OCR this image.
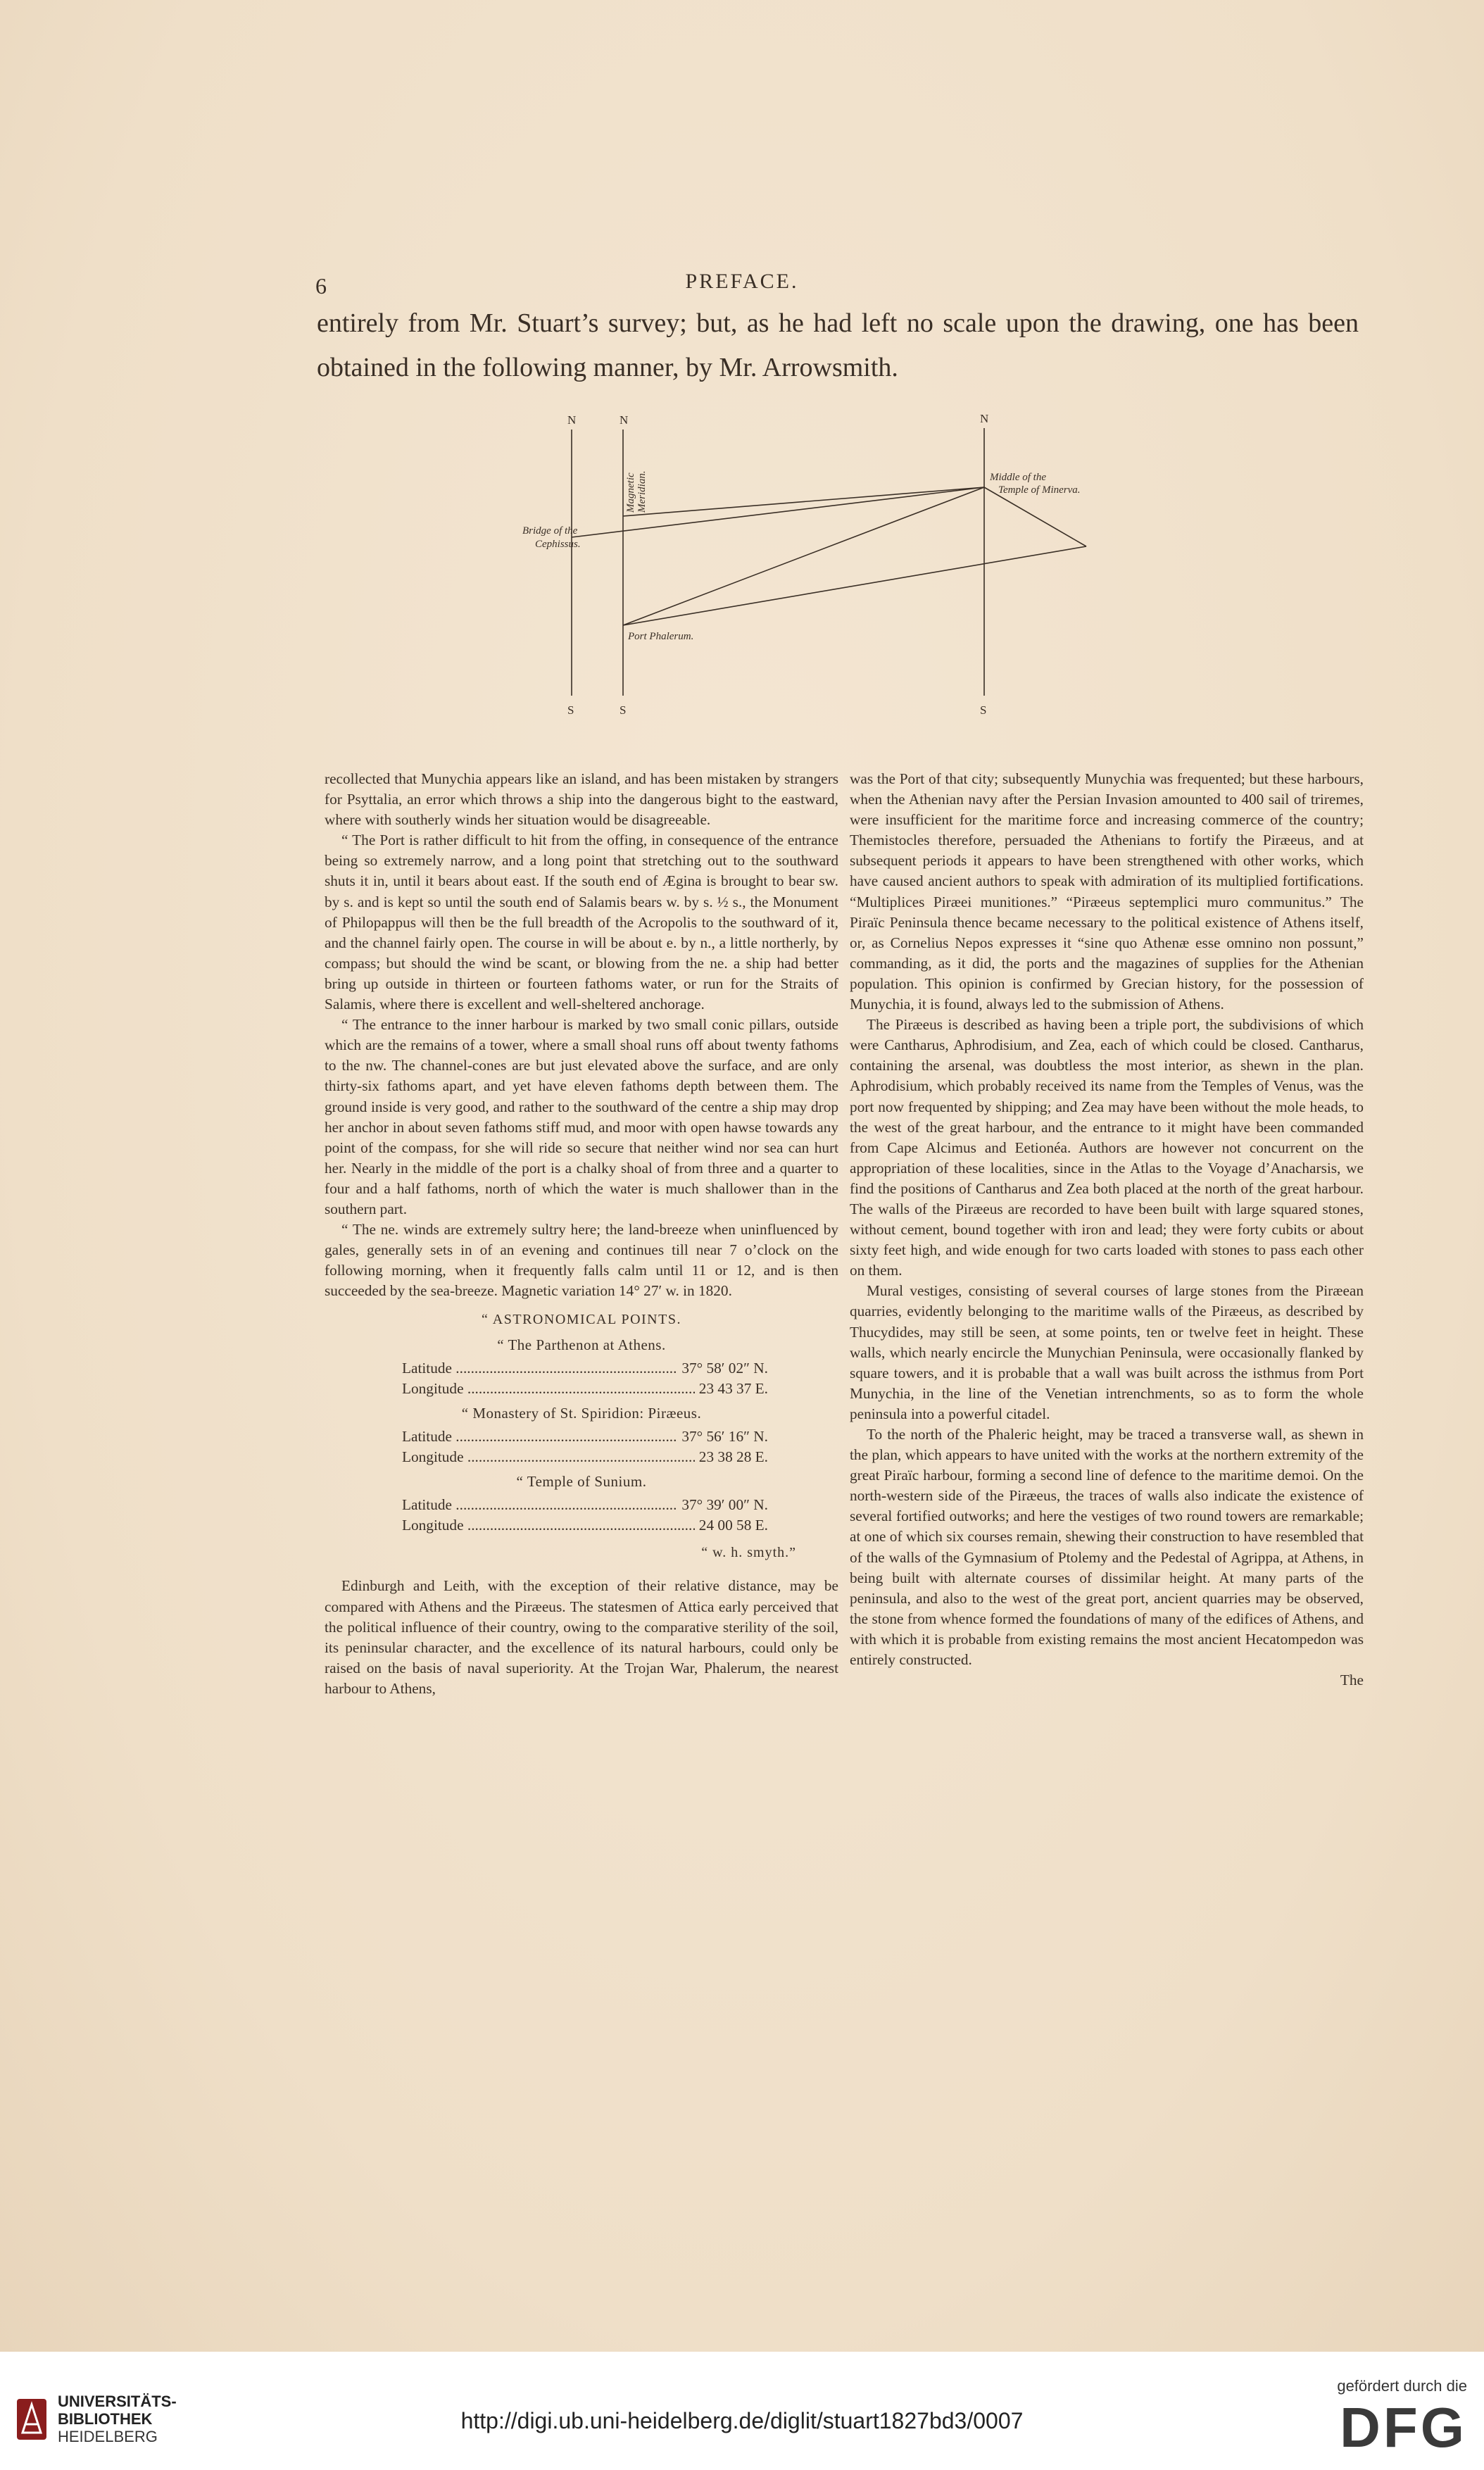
6	PREFACE.

entirely from Mr. Stuart’s survey; but, as he had left no scale upon the drawing, one has been obtained in the following manner, by Mr. Arrowsmith.

N	N	N
S	S	S
Magnetic Meridian.
Bridge of the
Cephissus.
Middle of the
Temple of Minerva.
Port Phalerum.

recollected that Munychia appears like an island, and has been mistaken by strangers for Psyttalia, an error which throws a ship into the dangerous bight to the eastward, where with southerly winds her situation would be disagreeable.

“ The Port is rather difficult to hit from the offing, in consequence of the entrance being so extremely narrow, and a long point that stretching out to the southward shuts it in, until it bears about east. If the south end of Ægina is brought to bear sw. by s. and is kept so until the south end of Salamis bears w. by s. ½ s., the Monument of Philopappus will then be the full breadth of the Acropolis to the southward of it, and the channel fairly open. The course in will be about e. by n., a little northerly, by compass; but should the wind be scant, or blowing from the ne. a ship had better bring up outside in thirteen or fourteen fathoms water, or run for the Straits of Salamis, where there is excellent and well-sheltered anchorage.

“ The entrance to the inner harbour is marked by two small conic pillars, outside which are the remains of a tower, where a small shoal runs off about twenty fathoms to the nw. The channel-cones are but just elevated above the surface, and are only thirty-six fathoms apart, and yet have eleven fathoms depth between them. The ground inside is very good, and rather to the southward of the centre a ship may drop her anchor in about seven fathoms stiff mud, and moor with open hawse towards any point of the compass, for she will ride so secure that neither wind nor sea can hurt her. Nearly in the middle of the port is a chalky shoal of from three and a quarter to four and a half fathoms, north of which the water is much shallower than in the southern part.

“ The ne. winds are extremely sultry here; the land-breeze when uninfluenced by gales, generally sets in of an evening and continues till near 7 o’clock on the following morning, when it frequently falls calm until 11 or 12, and is then succeeded by the sea-breeze. Magnetic variation 14° 27′ w. in 1820.

“ ASTRONOMICAL POINTS.
“ The Parthenon at Athens.
Latitude .....	37° 58′ 02″ N.
Longitude .....	23 43 37 E.
“ Monastery of St. Spiridion: Piræeus.
Latitude .....	37° 56′ 16″ N.
Longitude .....	23 38 28 E.
“ Temple of Sunium.
Latitude .....	37° 39′ 00″ N.
Longitude .....	24 00 58 E.
“ w. h. smyth.”

Edinburgh and Leith, with the exception of their relative distance, may be compared with Athens and the Piræeus. The statesmen of Attica early perceived that the political influence of their country, owing to the comparative sterility of the soil, its peninsular character, and the excellence of its natural harbours, could only be raised on the basis of naval superiority. At the Trojan War, Phalerum, the nearest harbour to Athens,

was the Port of that city; subsequently Munychia was frequented; but these harbours, when the Athenian navy after the Persian Invasion amounted to 400 sail of triremes, were insufficient for the maritime force and increasing commerce of the country; Themistocles therefore, persuaded the Athenians to fortify the Piræeus, and at subsequent periods it appears to have been strengthened with other works, which have caused ancient authors to speak with admiration of its multiplied fortifications. “Multiplices Piræei munitiones.” “Piræeus septemplici muro communitus.” The Piraïc Peninsula thence became necessary to the political existence of Athens itself, or, as Cornelius Nepos expresses it “sine quo Athenæ esse omnino non possunt,” commanding, as it did, the ports and the magazines of supplies for the Athenian population. This opinion is confirmed by Grecian history, for the possession of Munychia, it is found, always led to the submission of Athens.

The Piræeus is described as having been a triple port, the subdivisions of which were Cantharus, Aphrodisium, and Zea, each of which could be closed. Cantharus, containing the arsenal, was doubtless the most interior, as shewn in the plan. Aphrodisium, which probably received its name from the Temples of Venus, was the port now frequented by shipping; and Zea may have been without the mole heads, to the west of the great harbour, and the entrance to it might have been commanded from Cape Alcimus and Eetionéa. Authors are however not concurrent on the appropriation of these localities, since in the Atlas to the Voyage d’Anacharsis, we find the positions of Cantharus and Zea both placed at the north of the great harbour. The walls of the Piræeus are recorded to have been built with large squared stones, without cement, bound together with iron and lead; they were forty cubits or about sixty feet high, and wide enough for two carts loaded with stones to pass each other on them.

Mural vestiges, consisting of several courses of large stones from the Piræean quarries, evidently belonging to the maritime walls of the Piræeus, as described by Thucydides, may still be seen, at some points, ten or twelve feet in height. These walls, which nearly encircle the Munychian Peninsula, were occasionally flanked by square towers, and it is probable that a wall was built across the isthmus from Port Munychia, in the line of the Venetian intrenchments, so as to form the whole peninsula into a powerful citadel.

To the north of the Phaleric height, may be traced a transverse wall, as shewn in the plan, which appears to have united with the works at the northern extremity of the great Piraïc harbour, forming a second line of defence to the maritime demoi. On the north-western side of the Piræeus, the traces of walls also indicate the existence of several fortified outworks; and here the vestiges of two round towers are remarkable; at one of which six courses remain, shewing their construction to have resembled that of the walls of the Gymnasium of Ptolemy and the Pedestal of Agrippa, at Athens, in being built with alternate courses of dissimilar height. At many parts of the peninsula, and also to the west of the great port, ancient quarries may be observed, the stone from whence formed the foundations of many of the edifices of Athens, and with which it is probable from existing remains the most ancient Hecatompedon was entirely constructed.

The
UNIVERSITÄTS-
BIBLIOTHEK
HEIDELBERG
http://digi.ub.uni-heidelberg.de/diglit/stuart1827bd3/0007
gefördert durch die
DFG
